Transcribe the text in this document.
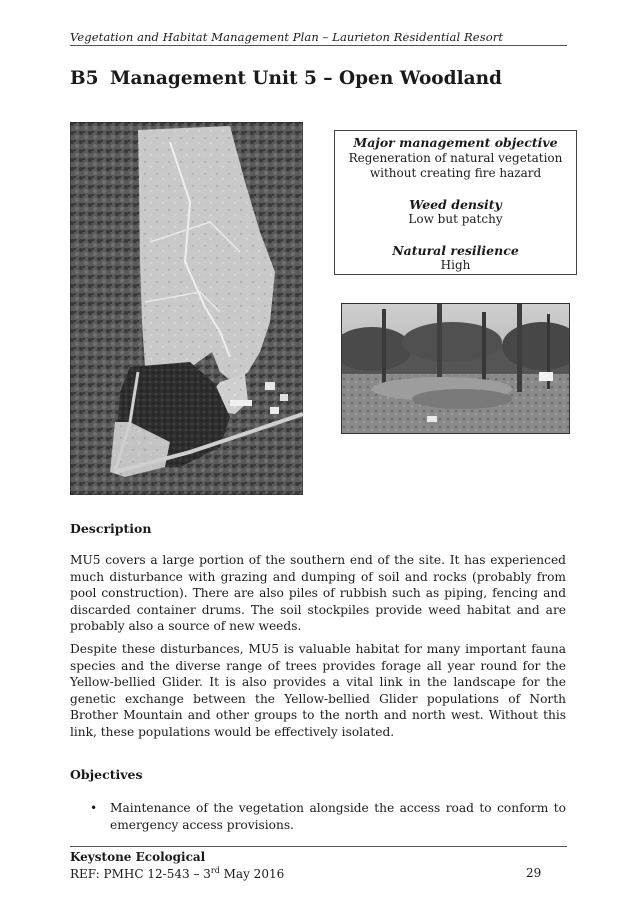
Vegetation and Habitat Management Plan – Laurieton Residential Resort
B5 Management Unit 5 – Open Woodland
Major management objective
Regeneration of natural vegetation
without creating fire hazard
Weed density
Low but patchy
Natural resilience
High
Description
MU5 covers a large portion of the southern end of the site. It has experienced much disturbance with grazing and dumping of soil and rocks (probably from pool construction). There are also piles of rubbish such as piping, fencing and discarded container drums. The soil stockpiles provide weed habitat and are probably also a source of new weeds.
Despite these disturbances, MU5 is valuable habitat for many important fauna species and the diverse range of trees provides forage all year round for the Yellow-bellied Glider. It is also provides a vital link in the landscape for the genetic exchange between the Yellow-bellied Glider populations of North Brother Mountain and other groups to the north and north west. Without this link, these populations would be effectively isolated.
Objectives
• Maintenance of the vegetation alongside the access road to conform to emergency access provisions.
Keystone Ecological
REF: PMHC 12-543 – 3rd May 2016	29
